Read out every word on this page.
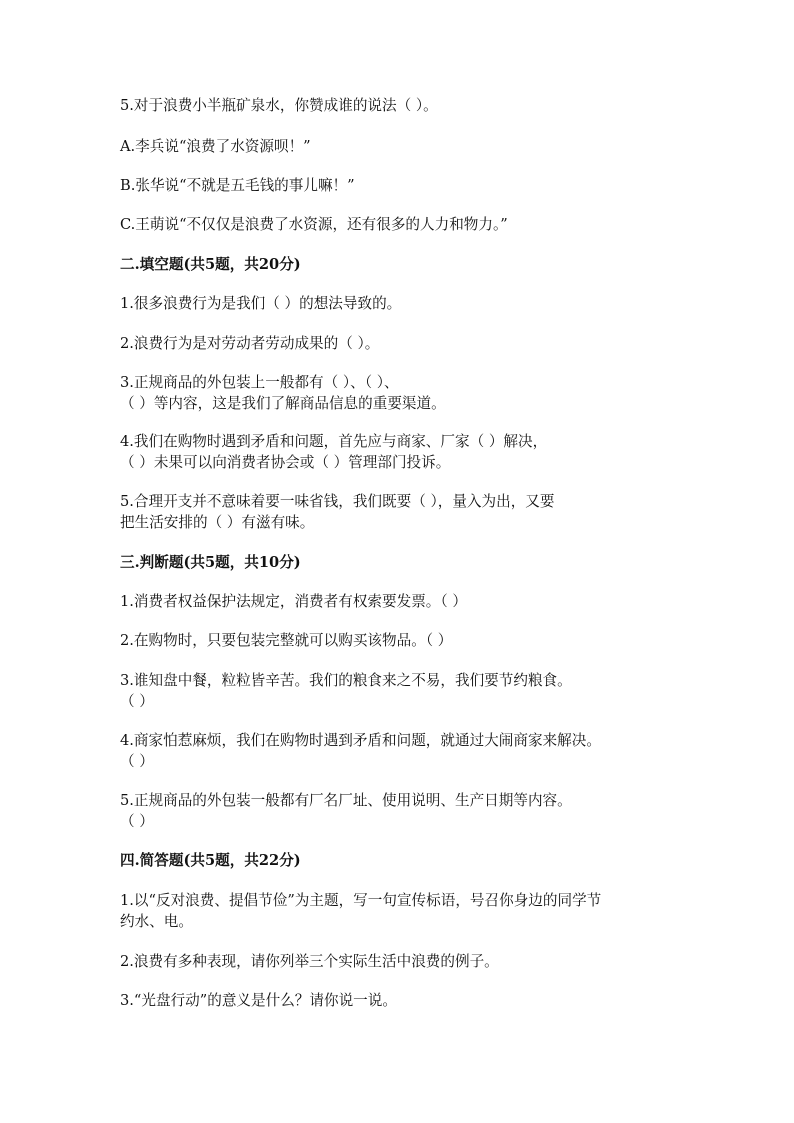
5.对于浪费小半瓶矿泉水，你赞成谁的说法（ ）。
A.李兵说“浪费了水资源呗！”
B.张华说“不就是五毛钱的事儿嘛！”
C.王萌说“不仅仅是浪费了水资源，还有很多的人力和物力。”
二.填空题(共5题，共20分)
1.很多浪费行为是我们（ ）的想法导致的。
2.浪费行为是对劳动者劳动成果的（ ）。
3.正规商品的外包装上一般都有（ ）、（ ）、
（ ）等内容，这是我们了解商品信息的重要渠道。
4.我们在购物时遇到矛盾和问题，首先应与商家、厂家（ ）解决，
（ ）未果可以向消费者协会或（ ）管理部门投诉。
5.合理开支并不意味着要一味省钱，我们既要（ ），量入为出，又要
把生活安排的（ ）有滋有味。
三.判断题(共5题，共10分)
1.消费者权益保护法规定，消费者有权索要发票。（ ）
2.在购物时，只要包装完整就可以购买该物品。（ ）
3.谁知盘中餐，粒粒皆辛苦。我们的粮食来之不易，我们要节约粮食。
（ ）
4.商家怕惹麻烦，我们在购物时遇到矛盾和问题，就通过大闹商家来解决。
（ ）
5.正规商品的外包装一般都有厂名厂址、使用说明、生产日期等内容。
（ ）
四.简答题(共5题，共22分)
1.以“反对浪费、提倡节俭”为主题，写一句宣传标语，号召你身边的同学节
约水、电。
2.浪费有多种表现，请你列举三个实际生活中浪费的例子。
3.“光盘行动”的意义是什么？请你说一说。
